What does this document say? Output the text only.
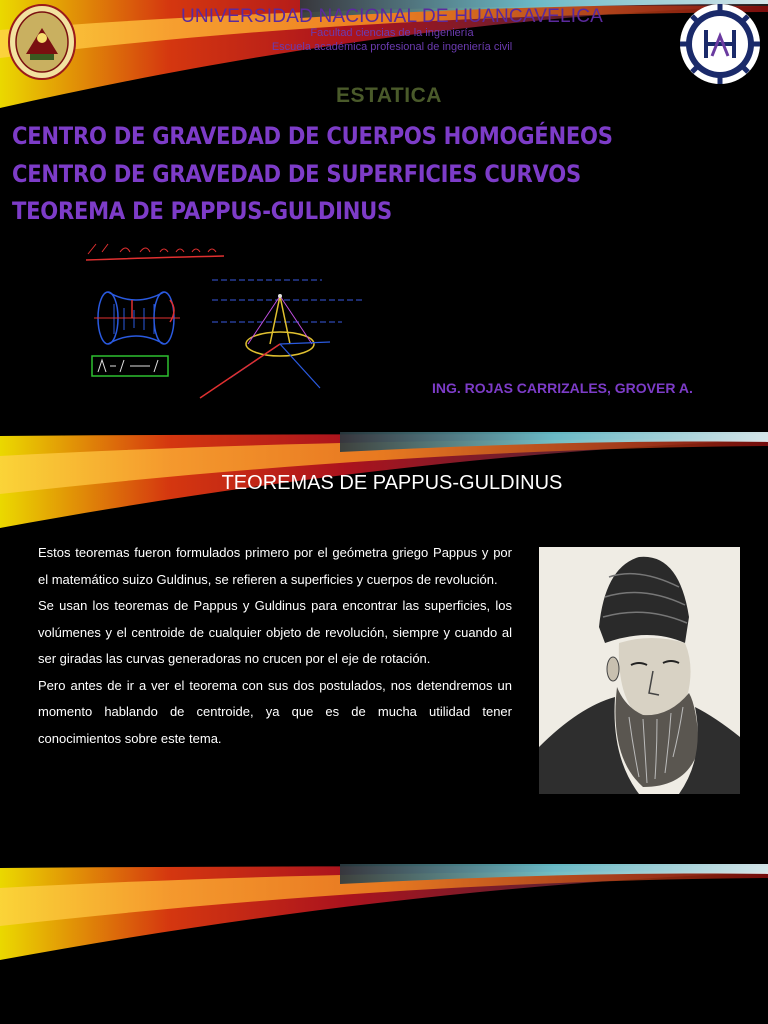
UNIVERSIDAD NACIONAL DE HUANCAVELICA
Facultad ciencias de la ingeniería
Escuela académica profesional de ingeniería civil
ESTATICA
CENTRO DE GRAVEDAD DE CUERPOS HOMOGÉNEOS
CENTRO DE GRAVEDAD DE SUPERFICIES CURVOS
TEOREMA DE PAPPUS-GULDINUS
ING. ROJAS CARRIZALES, GROVER A.
TEOREMAS DE PAPPUS-GULDINUS

Estos teoremas fueron formulados primero por el geómetra griego Pappus y por el matemático suizo Guldinus, se refieren a superficies y cuerpos de revolución.

Se usan los teoremas de Pappus y Guldinus para encontrar las superficies, los volúmenes y el centroide de cualquier objeto de revolución, siempre y cuando al ser giradas las curvas generadoras no crucen por el eje de rotación.

Pero antes de ir a ver el teorema con sus dos postulados, nos detendremos un momento hablando de centroide, ya que es de mucha utilidad tener conocimientos sobre este tema.
